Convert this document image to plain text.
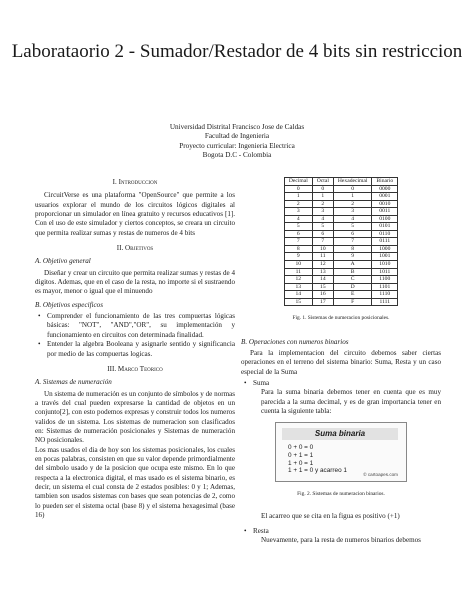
Laborataorio 2 - Sumador/Restador de 4 bits sin restriccion
Universidad Distrital Francisco Jose de Caldas
Facultad de Ingenieria
Proyecto curricular: Ingenieria Electrica
Bogota D.C - Colombia
I. Introduccion

CircuitVerse es una plataforma "OpenSource" que permite a los usuarios explorar el mundo de los circuitos lógicos digitales al proporcionar un simulador en línea gratuito y recursos educativos [1]. Con el uso de este simulador y ciertos conceptos, se creara un circuito que permita realizar sumas y restas de numeros de 4 bits

II. Objetivos
A. Objetivo general

Diseñar y crear un circuito que permita realizar sumas y restas de 4 digitos. Ademas, que en el caso de la resta, no importe si el sustraendo es mayor, menor o igual que el minuendo

B. Objetivos especificos
• Comprender el funcionamiento de las tres compuertas lógicas básicas: "NOT", "AND","OR", su implementación y funcionamiento en circuitos con determinada finalidad.
• Entender la algebra Booleana y asignarle sentido y significancia por medio de las compuertas logicas.
III. Marco Teorico
A. Sistemas de numeración

Un sistema de numeración es un conjunto de símbolos y de normas a través del cual pueden expresarse la cantidad de objetos en un conjunto[2], con esto podemos expresas y construir todos los numeros validos de un sistema. Los sistemas de numeracion son clasificados en: Sistemas de numeración posicionales y Sistemas de numeración NO posicionales.

Los mas usados el dia de hoy son los sistemas posicionales, los cuales en pocas palabras, consisten en que su valor depende primordialmente del simbolo usado y de la posicion que ocupa este mismo. En lo que respecta a la electronica digital, el mas usado es el sistema binario, es decir, un sistema el cual consta de 2 estados posibles: 0 y 1; Ademas, tambien son usados sistemas con bases que sean potencias de 2, como lo pueden ser el sistema octal (base 8) y el sistema hexagesimal (base 16)

Decimal	Octal	Hexadecimal	Binario
0	0	0	0000
1	1	1	0001
2	2	2	0010
3	3	3	0011
4	4	4	0100
5	5	5	0101
6	6	6	0110
7	7	7	0111
8	10	8	1000
9	11	9	1001
10	12	A	1010
11	13	B	1011
12	14	C	1100
13	15	D	1101
14	16	E	1110
15	17	F	1111
Fig. 1. Sistemas de numeracion posicionales.
B. Operaciones con numeros binarios

Para la implementacion del circuito debemos saber ciertas operaciones en el terreno del sistema binario: Suma, Resta y un caso especial de la Suma

• Suma

Para la suma binaria debemos tener en cuenta que es muy parecida a la suma decimal, y es de gran importancia tener en cuenta la siguiente tabla:

Suma binaria
0 + 0 = 0
0 + 1 = 1
1 + 0 = 1
1 + 1 = 0 y acarreo 1
© cartoapes.com
Fig. 2. Sistemas de numeracion binarios.

El acarreo que se cita en la figua es positivo (+1)

• Resta

Nuevamente, para la resta de numeros binarios debemos
